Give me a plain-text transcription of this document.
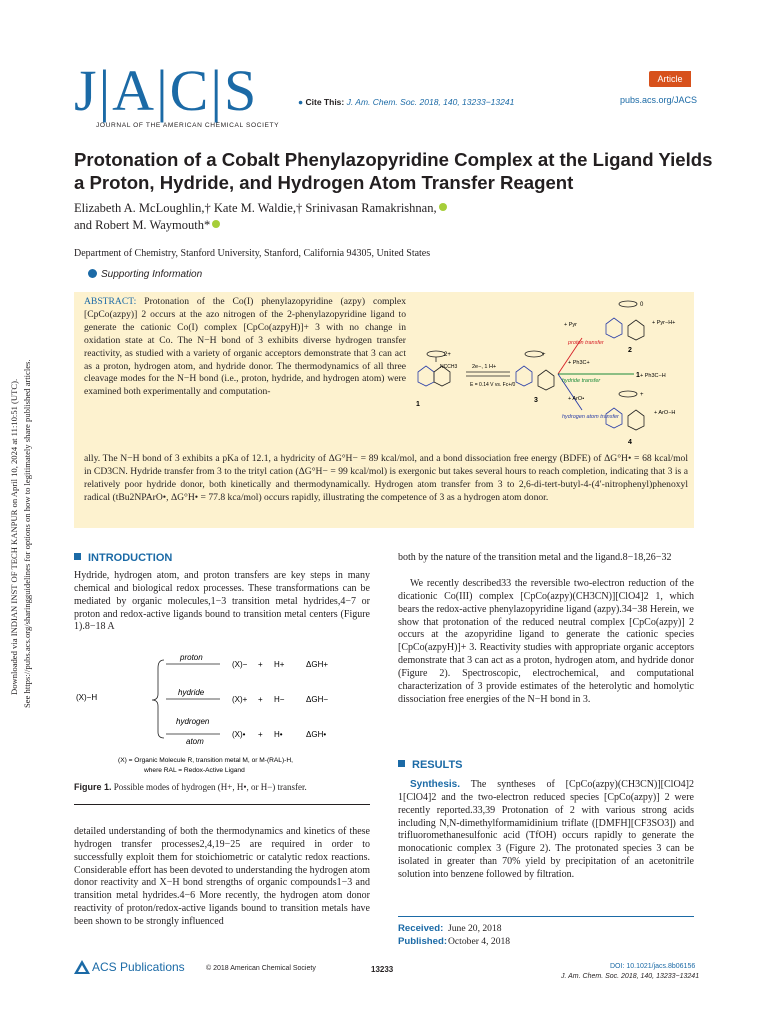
Downloaded via INDIAN INST OF TECH KANPUR on April 10, 2024 at 11:10:51 (UTC). See https://pubs.acs.org/sharingguidelines for options on how to legitimately share published articles.
J|A|C|S
JOURNAL OF THE AMERICAN CHEMICAL SOCIETY
● Cite This: J. Am. Chem. Soc. 2018, 140, 13233−13241
Article
pubs.acs.org/JACS
Protonation of a Cobalt Phenylazopyridine Complex at the Ligand Yields a Proton, Hydride, and Hydrogen Atom Transfer Reagent
Elizabeth A. McLoughlin,† Kate M. Waldie,† Srinivasan Ramakrishnan,
and Robert M. Waymouth*
Department of Chemistry, Stanford University, Stanford, California 94305, United States
Supporting Information
ABSTRACT: Protonation of the Co(I) phenylazopyridine (azpy) complex [CpCo(azpy)] 2 occurs at the azo nitrogen of the 2-phenylazopyridine ligand to generate the cationic Co(I) complex [CpCo(azpyH)]+ 3 with no change in oxidation state at Co. The N−H bond of 3 exhibits diverse hydrogen transfer reactivity, as studied with a variety of organic acceptors demonstrate that 3 can act as a proton, hydrogen atom, and hydride donor. The thermodynamics of all three cleavage modes for the N−H bond (i.e., proton, hydride, and hydrogen atom) were examined both experimentally and computation-
ally. The N−H bond of 3 exhibits a pKa of 12.1, a hydricity of ΔG°H− = 89 kcal/mol, and a bond dissociation free energy (BDFE) of ΔG°H• = 68 kcal/mol in CD3CN. Hydride transfer from 3 to the trityl cation (ΔG°H− = 99 kcal/mol) is exergonic but takes several hours to reach completion, indicating that 3 is a relatively poor hydride donor, both kinetically and thermodynamically. Hydrogen atom transfer from 3 to 2,6-di-tert-butyl-4-(4′-nitrophenyl)phenoxyl radical (tBu2NPArO•, ΔG°H• = 77.8 kca/mol) occurs rapidly, illustrating the competence of 3 as a hydrogen atom donor.
2+
NCCH3
1
2e−, 1 H+
E = 0.14 V vs. Fc+/0
+
3
+ Pyr
proton transfer
+ Ph3C+
hydride transfer
+ Ph3C−H
+ ArO•
hydrogen atom transfer
0
+ Pyr−H+
2
1
+
+ ArO−H
4
INTRODUCTION
Hydride, hydrogen atom, and proton transfers are key steps in many chemical and biological redox processes. These transformations can be mediated by organic molecules,1−3 transition metal hydrides,4−7 or proton and redox-active ligands bound to transition metal centers (Figure 1).8−18 A
(X)−H
proton
hydride
hydrogen
atom
(X)− + H+	ΔGH+
(X)+ + H−	ΔGH−
(X)• + H•	ΔGH•
(X) = Organic Molecule R, transition metal M, or M-(RAL)-H,
where RAL = Redox-Active Ligand
Figure 1. Possible modes of hydrogen (H+, H•, or H−) transfer.
detailed understanding of both the thermodynamics and kinetics of these hydrogen transfer processes2,4,19−25 are required in order to successfully exploit them for stoichiometric or catalytic redox reactions. Considerable effort has been devoted to understanding the hydrogen atom donor reactivity and X−H bond strengths of organic compounds1−3 and transition metal hydrides.4−6 More recently, the hydrogen atom donor reactivity of proton/redox-active ligands bound to transition metals have been shown to be strongly influenced
both by the nature of the transition metal and the ligand.8−18,26−32
We recently described33 the reversible two-electron reduction of the dicationic Co(III) complex [CpCo(azpy)(CH3CN)][ClO4]2 1, which bears the redox-active phenylazopyridine ligand (azpy).34−38 Herein, we show that protonation of the reduced neutral complex [CpCo(azpy)] 2 occurs at the azopyridine ligand to generate the cationic species [CpCo(azpyH)]+ 3. Reactivity studies with appropriate organic acceptors demonstrate that 3 can act as a proton, hydrogen atom, and hydride donor (Figure 2). Spectroscopic, electrochemical, and computational characterization of 3 provide estimates of the heterolytic and homolytic dissociation free energies of the N−H bond in 3.
RESULTS
Synthesis. The syntheses of [CpCo(azpy)(CH3CN)][ClO4]2 1[ClO4]2 and the two-electron reduced species [CpCo(azpy)] 2 were recently reported.33,39 Protonation of 2 with various strong acids including N,N-dimethylformamidinium triflate ([DMFH][CF3SO3]) and trifluoromethanesulfonic acid (TfOH) occurs rapidly to generate the monocationic complex 3 (Figure 2). The protonated species 3 can be isolated in greater than 70% yield by precipitation of an acetonitrile solution into benzene followed by filtration.
Received: June 20, 2018
Published:October 4, 2018
ACS Publications	© 2018 American Chemical Society	13233	DOI: 10.1021/jacs.8b06156
J. Am. Chem. Soc. 2018, 140, 13233−13241
